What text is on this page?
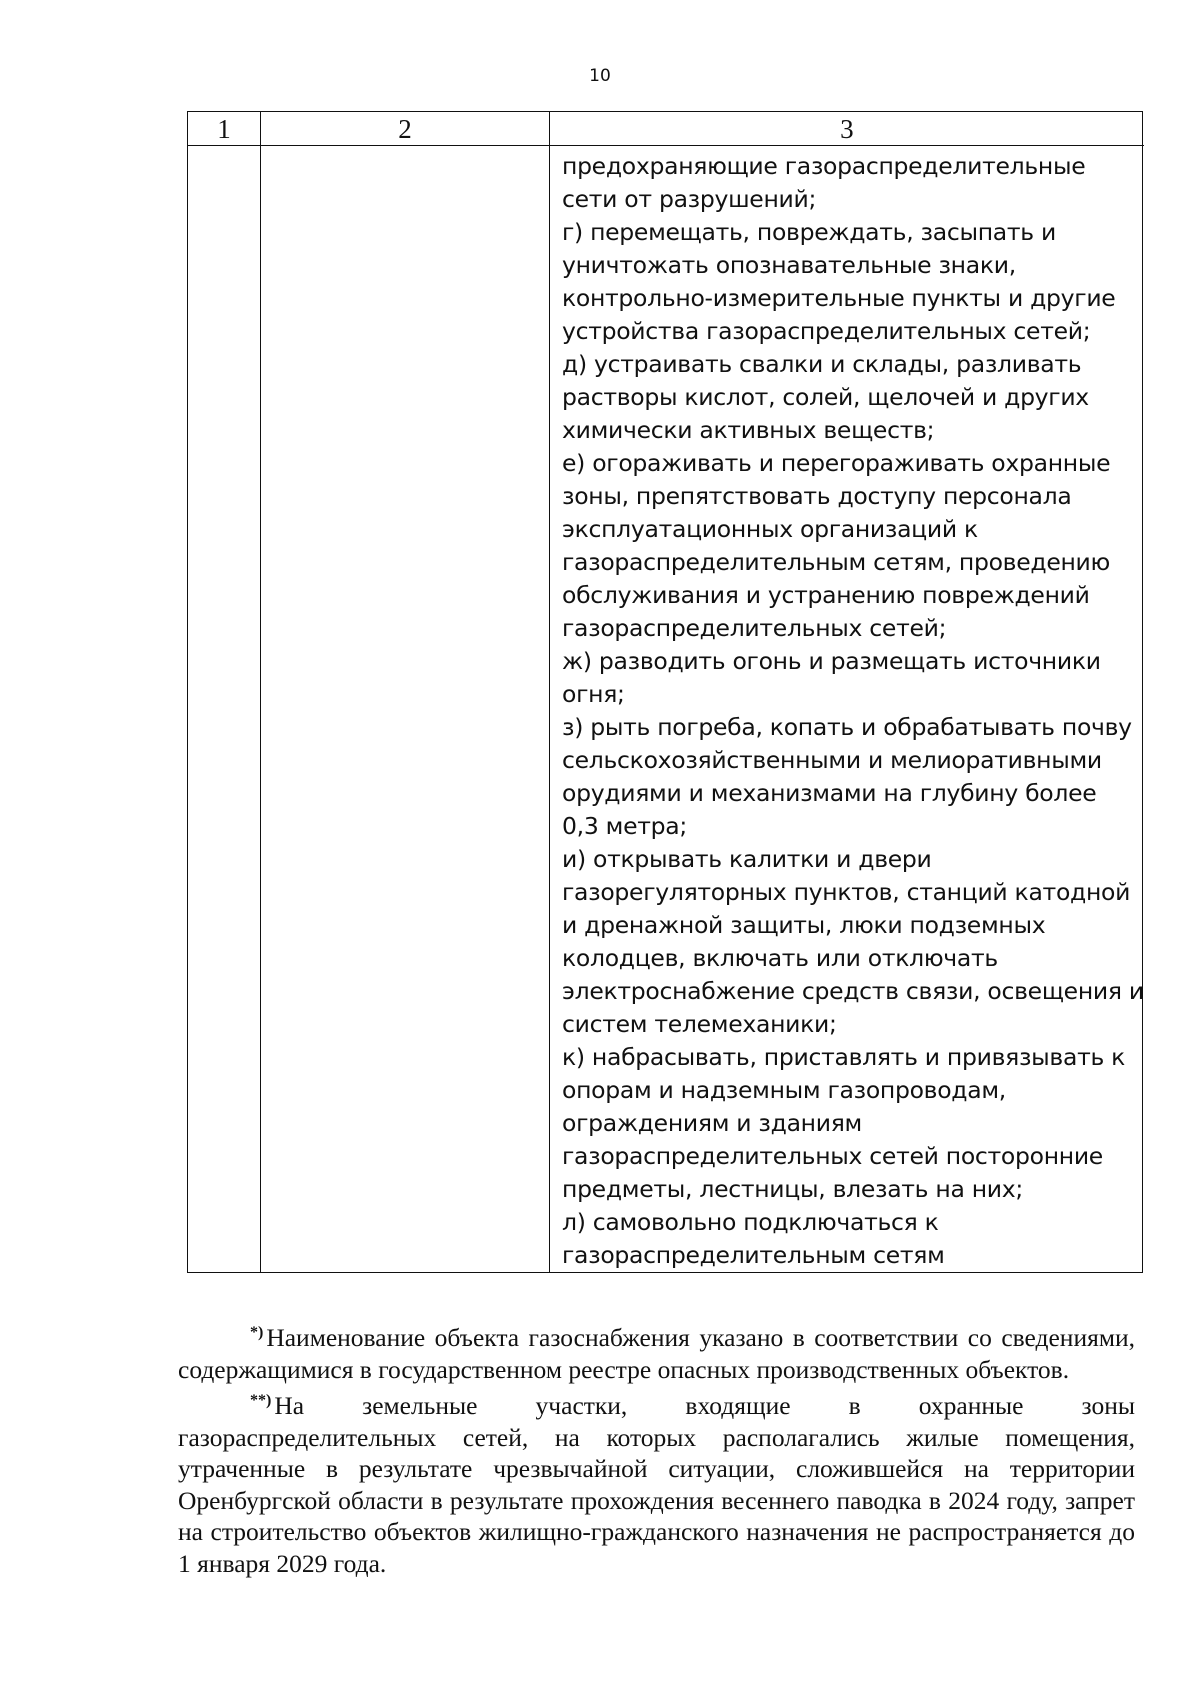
10
1	2	3
предохраняющие газораспределительные
сети от разрушений;
г) перемещать, повреждать, засыпать и
уничтожать опознавательные знаки,
контрольно-измерительные пункты и другие
устройства газораспределительных сетей;
д) устраивать свалки и склады, разливать
растворы кислот, солей, щелочей и других
химически активных веществ;
е) огораживать и перегораживать охранные
зоны, препятствовать доступу персонала
эксплуатационных организаций к
газораспределительным сетям, проведению
обслуживания и устранению повреждений
газораспределительных сетей;
ж) разводить огонь и размещать источники
огня;
з) рыть погреба, копать и обрабатывать почву
сельскохозяйственными и мелиоративными
орудиями и механизмами на глубину более
0,3 метра;
и) открывать калитки и двери
газорегуляторных пунктов, станций катодной
и дренажной защиты, люки подземных
колодцев, включать или отключать
электроснабжение средств связи, освещения и
систем телемеханики;
к) набрасывать, приставлять и привязывать к
опорам и надземным газопроводам,
ограждениям и зданиям
газораспределительных сетей посторонние
предметы, лестницы, влезать на них;
л) самовольно подключаться к
газораспределительным сетям
*) Наименование объекта газоснабжения указано в соответствии со сведениями, содержащимися в государственном реестре опасных производственных объектов.
**) На земельные участки, входящие в охранные зоны
газораспределительных сетей, на которых располагались жилые помещения, утраченные в результате чрезвычайной ситуации, сложившейся на территории Оренбургской области в результате прохождения весеннего паводка в 2024 году, запрет на строительство объектов жилищно-гражданского назначения не распространяется до 1 января 2029 года.
